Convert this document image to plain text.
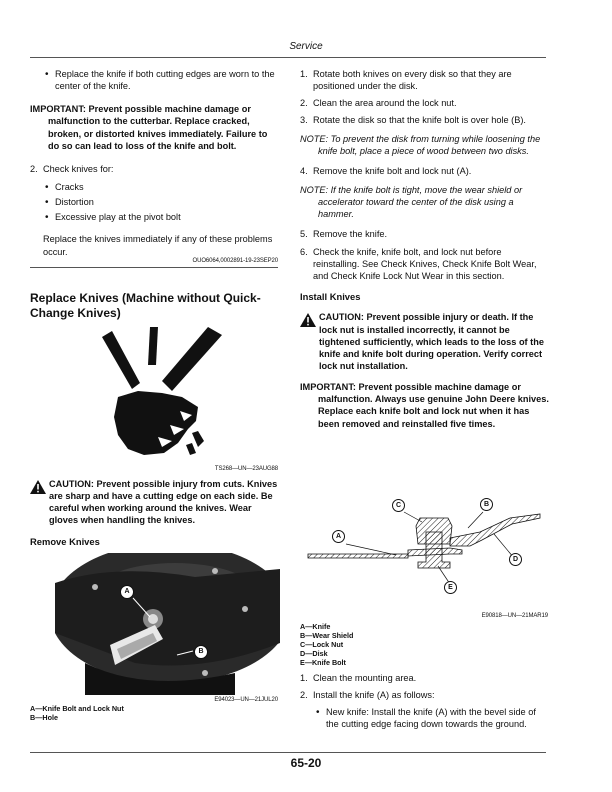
Service
• Replace the knife if both cutting edges are worn to the center of the knife.

IMPORTANT: Prevent possible machine damage or malfunction to the cutterbar. Replace cracked, broken, or distorted knives immediately. Failure to do so can lead to loss of the knife and bolt.

2. Check knives for:
• Cracks
• Distortion
• Excessive play at the pivot bolt

Replace the knives immediately if any of these problems occur.

OUO6064,0002891-19-23SEP20
Replace Knives (Machine without Quick-Change Knives)
TS268—UN—23AUG88
CAUTION: Prevent possible injury from cuts. Knives are sharp and have a cutting edge on each side. Be careful when working around the knives. Wear gloves when handling the knives.
Remove Knives
A
B
E94023—UN—21JUL20
A—Knife Bolt and Lock Nut
B—Hole
1. Rotate both knives on every disk so that they are positioned under the disk.
2. Clean the area around the lock nut.
3. Rotate the disk so that the knife bolt is over hole (B).

NOTE: To prevent the disk from turning while loosening the knife bolt, place a piece of wood between two disks.

4. Remove the knife bolt and lock nut (A).

NOTE: If the knife bolt is tight, move the wear shield or accelerator toward the center of the disk using a hammer.

5. Remove the knife.
6. Check the knife, knife bolt, and lock nut before reinstalling. See Check Knives, Check Knife Bolt Wear, and Check Knife Lock Nut Wear in this section.
Install Knives
CAUTION: Prevent possible injury or death. If the lock nut is installed incorrectly, it cannot be tightened sufficiently, which leads to the loss of the knife and knife bolt during operation. Verify correct lock nut installation.

IMPORTANT: Prevent possible machine damage or malfunction. Always use genuine John Deere knives. Replace each knife bolt and lock nut when it has been removed and reinstalled five times.

A
B
C
D
E
E90818—UN—21MAR19
A—Knife
B—Wear Shield
C—Lock Nut
D—Disk
E—Knife Bolt
1. Clean the mounting area.
2. Install the knife (A) as follows:
• New knife: Install the knife (A) with the bevel side of the cutting edge facing down towards the ground.
65-20
